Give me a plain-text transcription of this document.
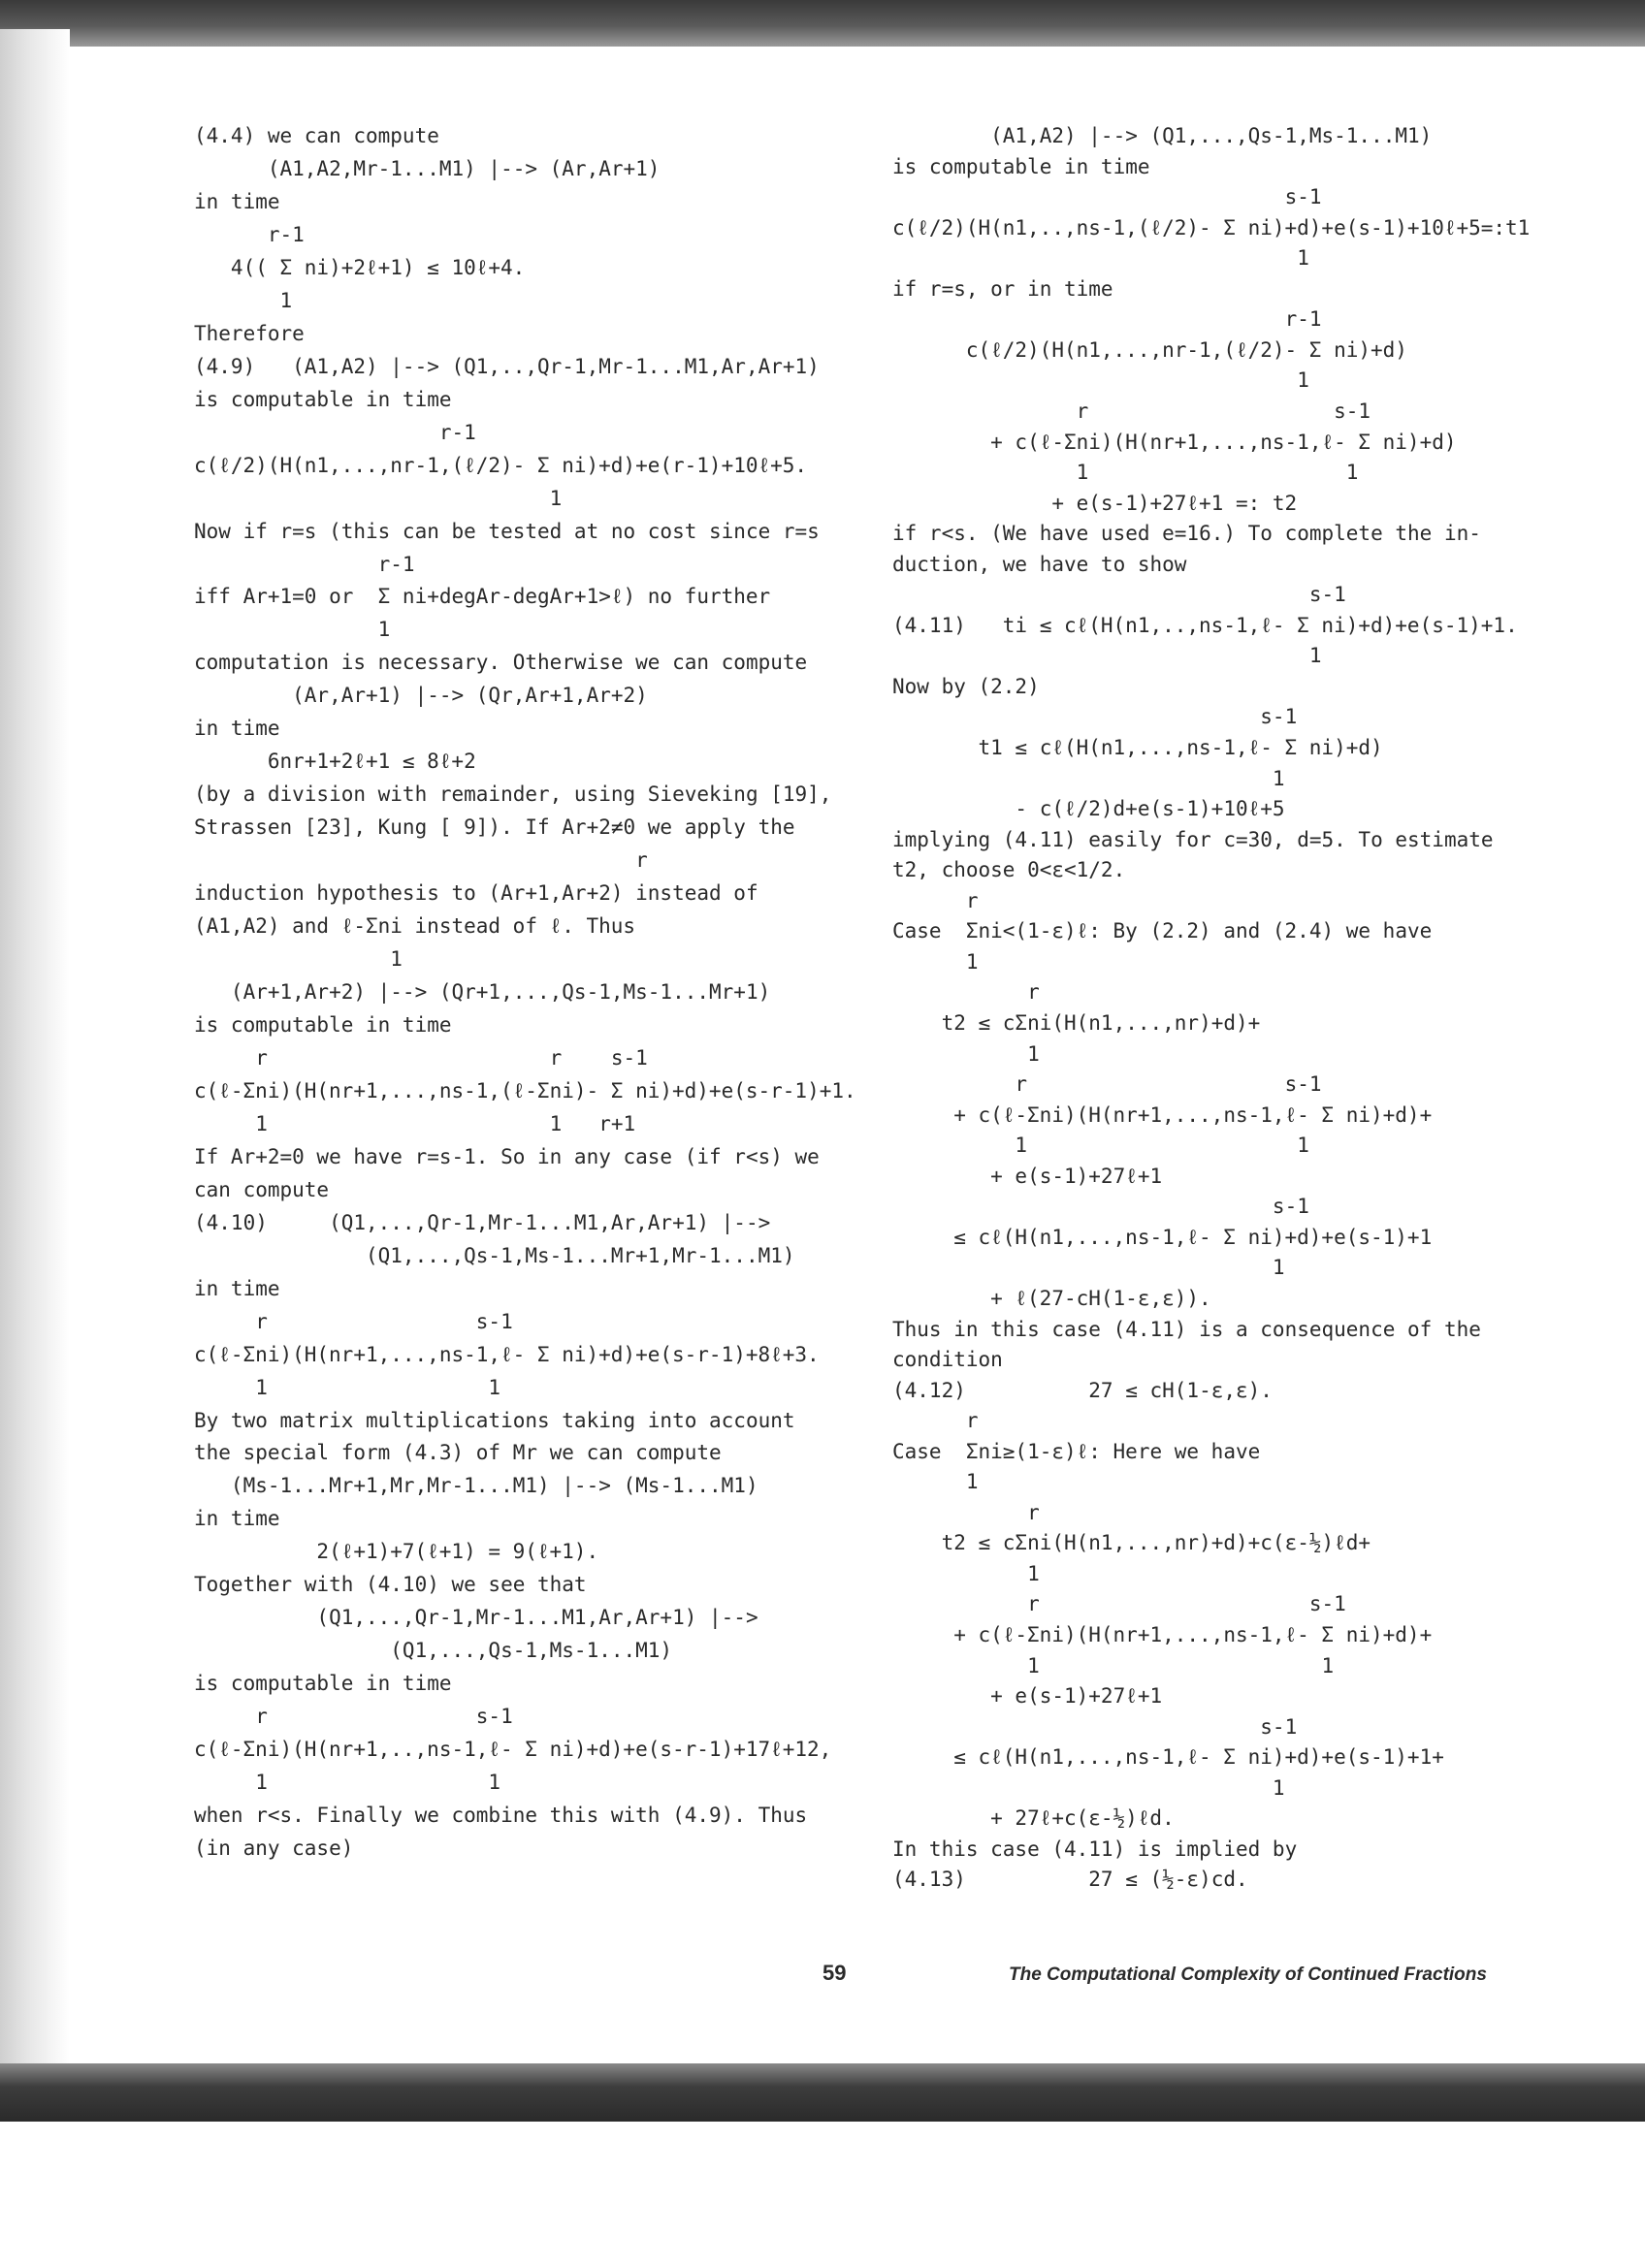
(4.4) we can compute
(A1,A2,Mr-1...M1) |--> (Ar,Ar+1)
in time
r-1
4(( Σ ni)+2ℓ+1) ≤ 10ℓ+4.
1
Therefore
(4.9)   (A1,A2) |--> (Q1,..,Qr-1,Mr-1...M1,Ar,Ar+1)
is computable in time
r-1
c(ℓ/2)(H(n1,...,nr-1,(ℓ/2)- Σ ni)+d)+e(r-1)+10ℓ+5.
1
Now if r=s (this can be tested at no cost since r=s
r-1
iff Ar+1=0 or  Σ ni+degAr-degAr+1>ℓ) no further
1
computation is necessary. Otherwise we can compute
(Ar,Ar+1) |--> (Qr,Ar+1,Ar+2)
in time
6nr+1+2ℓ+1 ≤ 8ℓ+2
(by a division with remainder, using Sieveking [19],
Strassen [23], Kung [ 9]). If Ar+2≠0 we apply the
r
induction hypothesis to (Ar+1,Ar+2) instead of
(A1,A2) and ℓ-Σni instead of ℓ. Thus
1
(Ar+1,Ar+2) |--> (Qr+1,...,Qs-1,Ms-1...Mr+1)
is computable in time
r                       r    s-1
c(ℓ-Σni)(H(nr+1,...,ns-1,(ℓ-Σni)- Σ ni)+d)+e(s-r-1)+1.
1                       1   r+1
If Ar+2=0 we have r=s-1. So in any case (if r<s) we
can compute
(4.10)     (Q1,...,Qr-1,Mr-1...M1,Ar,Ar+1) |-->
(Q1,...,Qs-1,Ms-1...Mr+1,Mr-1...M1)
in time
r                 s-1
c(ℓ-Σni)(H(nr+1,...,ns-1,ℓ- Σ ni)+d)+e(s-r-1)+8ℓ+3.
1                  1
By two matrix multiplications taking into account
the special form (4.3) of Mr we can compute
(Ms-1...Mr+1,Mr,Mr-1...M1) |--> (Ms-1...M1)
in time
2(ℓ+1)+7(ℓ+1) = 9(ℓ+1).
Together with (4.10) we see that
(Q1,...,Qr-1,Mr-1...M1,Ar,Ar+1) |-->
(Q1,...,Qs-1,Ms-1...M1)
is computable in time
r                 s-1
c(ℓ-Σni)(H(nr+1,..,ns-1,ℓ- Σ ni)+d)+e(s-r-1)+17ℓ+12,
1                  1
when r<s. Finally we combine this with (4.9). Thus
(in any case)
(A1,A2) |--> (Q1,...,Qs-1,Ms-1...M1)
is computable in time
s-1
c(ℓ/2)(H(n1,..,ns-1,(ℓ/2)- Σ ni)+d)+e(s-1)+10ℓ+5=:t1
1
if r=s, or in time
r-1
c(ℓ/2)(H(n1,...,nr-1,(ℓ/2)- Σ ni)+d)
1
r                    s-1
+ c(ℓ-Σni)(H(nr+1,...,ns-1,ℓ- Σ ni)+d)
1                     1
+ e(s-1)+27ℓ+1 =: t2
if r<s. (We have used e=16.) To complete the in-
duction, we have to show
s-1
(4.11)   ti ≤ cℓ(H(n1,..,ns-1,ℓ- Σ ni)+d)+e(s-1)+1.
1
Now by (2.2)
s-1
t1 ≤ cℓ(H(n1,...,ns-1,ℓ- Σ ni)+d)
1
- c(ℓ/2)d+e(s-1)+10ℓ+5
implying (4.11) easily for c=30, d=5. To estimate
t2, choose 0<ε<1/2.
r
Case  Σni<(1-ε)ℓ: By (2.2) and (2.4) we have
1
r
t2 ≤ cΣni(H(n1,...,nr)+d)+
1
r                     s-1
+ c(ℓ-Σni)(H(nr+1,...,ns-1,ℓ- Σ ni)+d)+
1                      1
+ e(s-1)+27ℓ+1
s-1
≤ cℓ(H(n1,...,ns-1,ℓ- Σ ni)+d)+e(s-1)+1
1
+ ℓ(27-cH(1-ε,ε)).
Thus in this case (4.11) is a consequence of the
condition
(4.12)          27 ≤ cH(1-ε,ε).
r
Case  Σni≥(1-ε)ℓ: Here we have
1
r
t2 ≤ cΣni(H(n1,...,nr)+d)+c(ε-½)ℓd+
1
r                      s-1
+ c(ℓ-Σni)(H(nr+1,...,ns-1,ℓ- Σ ni)+d)+
1                       1
+ e(s-1)+27ℓ+1
s-1
≤ cℓ(H(n1,...,ns-1,ℓ- Σ ni)+d)+e(s-1)+1+
1
+ 27ℓ+c(ε-½)ℓd.
In this case (4.11) is implied by
(4.13)          27 ≤ (½-ε)cd.
59	The Computational Complexity of Continued Fractions
